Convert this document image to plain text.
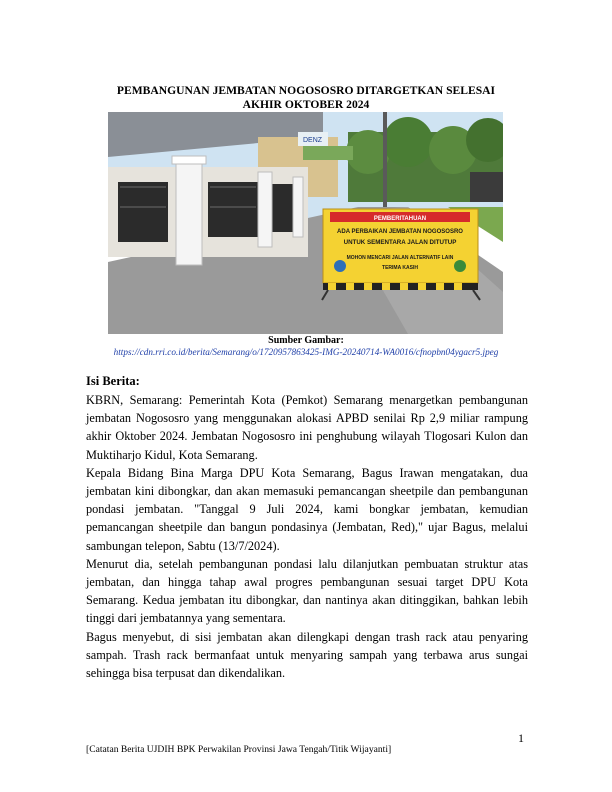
PEMBANGUNAN JEMBATAN NOGOSOSRO DITARGETKAN SELESAI
AKHIR OKTOBER 2024
DENZ
PEMBERITAHUAN
ADA PERBAIKAN JEMBATAN NOGOSOSRO
UNTUK SEMENTARA JALAN DITUTUP
MOHON MENCARI JALAN ALTERNATIF LAIN
TERIMA KASIH
Sumber Gambar:
https://cdn.rri.co.id/berita/Semarang/o/1720957863425-IMG-20240714-WA0016/cfnopbn04ygacr5.jpeg
Isi Berita:

KBRN, Semarang: Pemerintah Kota (Pemkot) Semarang menargetkan pembangunan jembatan Nogososro yang menggunakan alokasi APBD senilai Rp 2,9 miliar rampung akhir Oktober 2024. Jembatan Nogososro ini penghubung wilayah Tlogosari Kulon dan Muktiharjo Kidul, Kota Semarang.

Kepala Bidang Bina Marga DPU Kota Semarang, Bagus Irawan mengatakan, dua jembatan kini dibongkar, dan akan memasuki pemancangan sheetpile dan pembangunan pondasi jembatan. "Tanggal 9 Juli 2024, kami bongkar jembatan, kemudian pemancangan sheetpile dan bangun pondasinya (Jembatan, Red)," ujar Bagus, melalui sambungan telepon, Sabtu (13/7/2024).

Menurut dia, setelah pembangunan pondasi lalu dilanjutkan pembuatan struktur atas jembatan, dan hingga tahap awal progres pembangunan sesuai target DPU Kota Semarang. Kedua jembatan itu dibongkar, dan nantinya akan ditinggikan, bahkan lebih tinggi dari jembatannya yang sementara.

Bagus menyebut, di sisi jembatan akan dilengkapi dengan trash rack atau penyaring sampah. Trash rack bermanfaat untuk menyaring sampah yang terbawa arus sungai sehingga bisa terpusat dan dikendalikan.

1
[Catatan Berita UJDIH BPK Perwakilan Provinsi Jawa Tengah/Titik Wijayanti]
